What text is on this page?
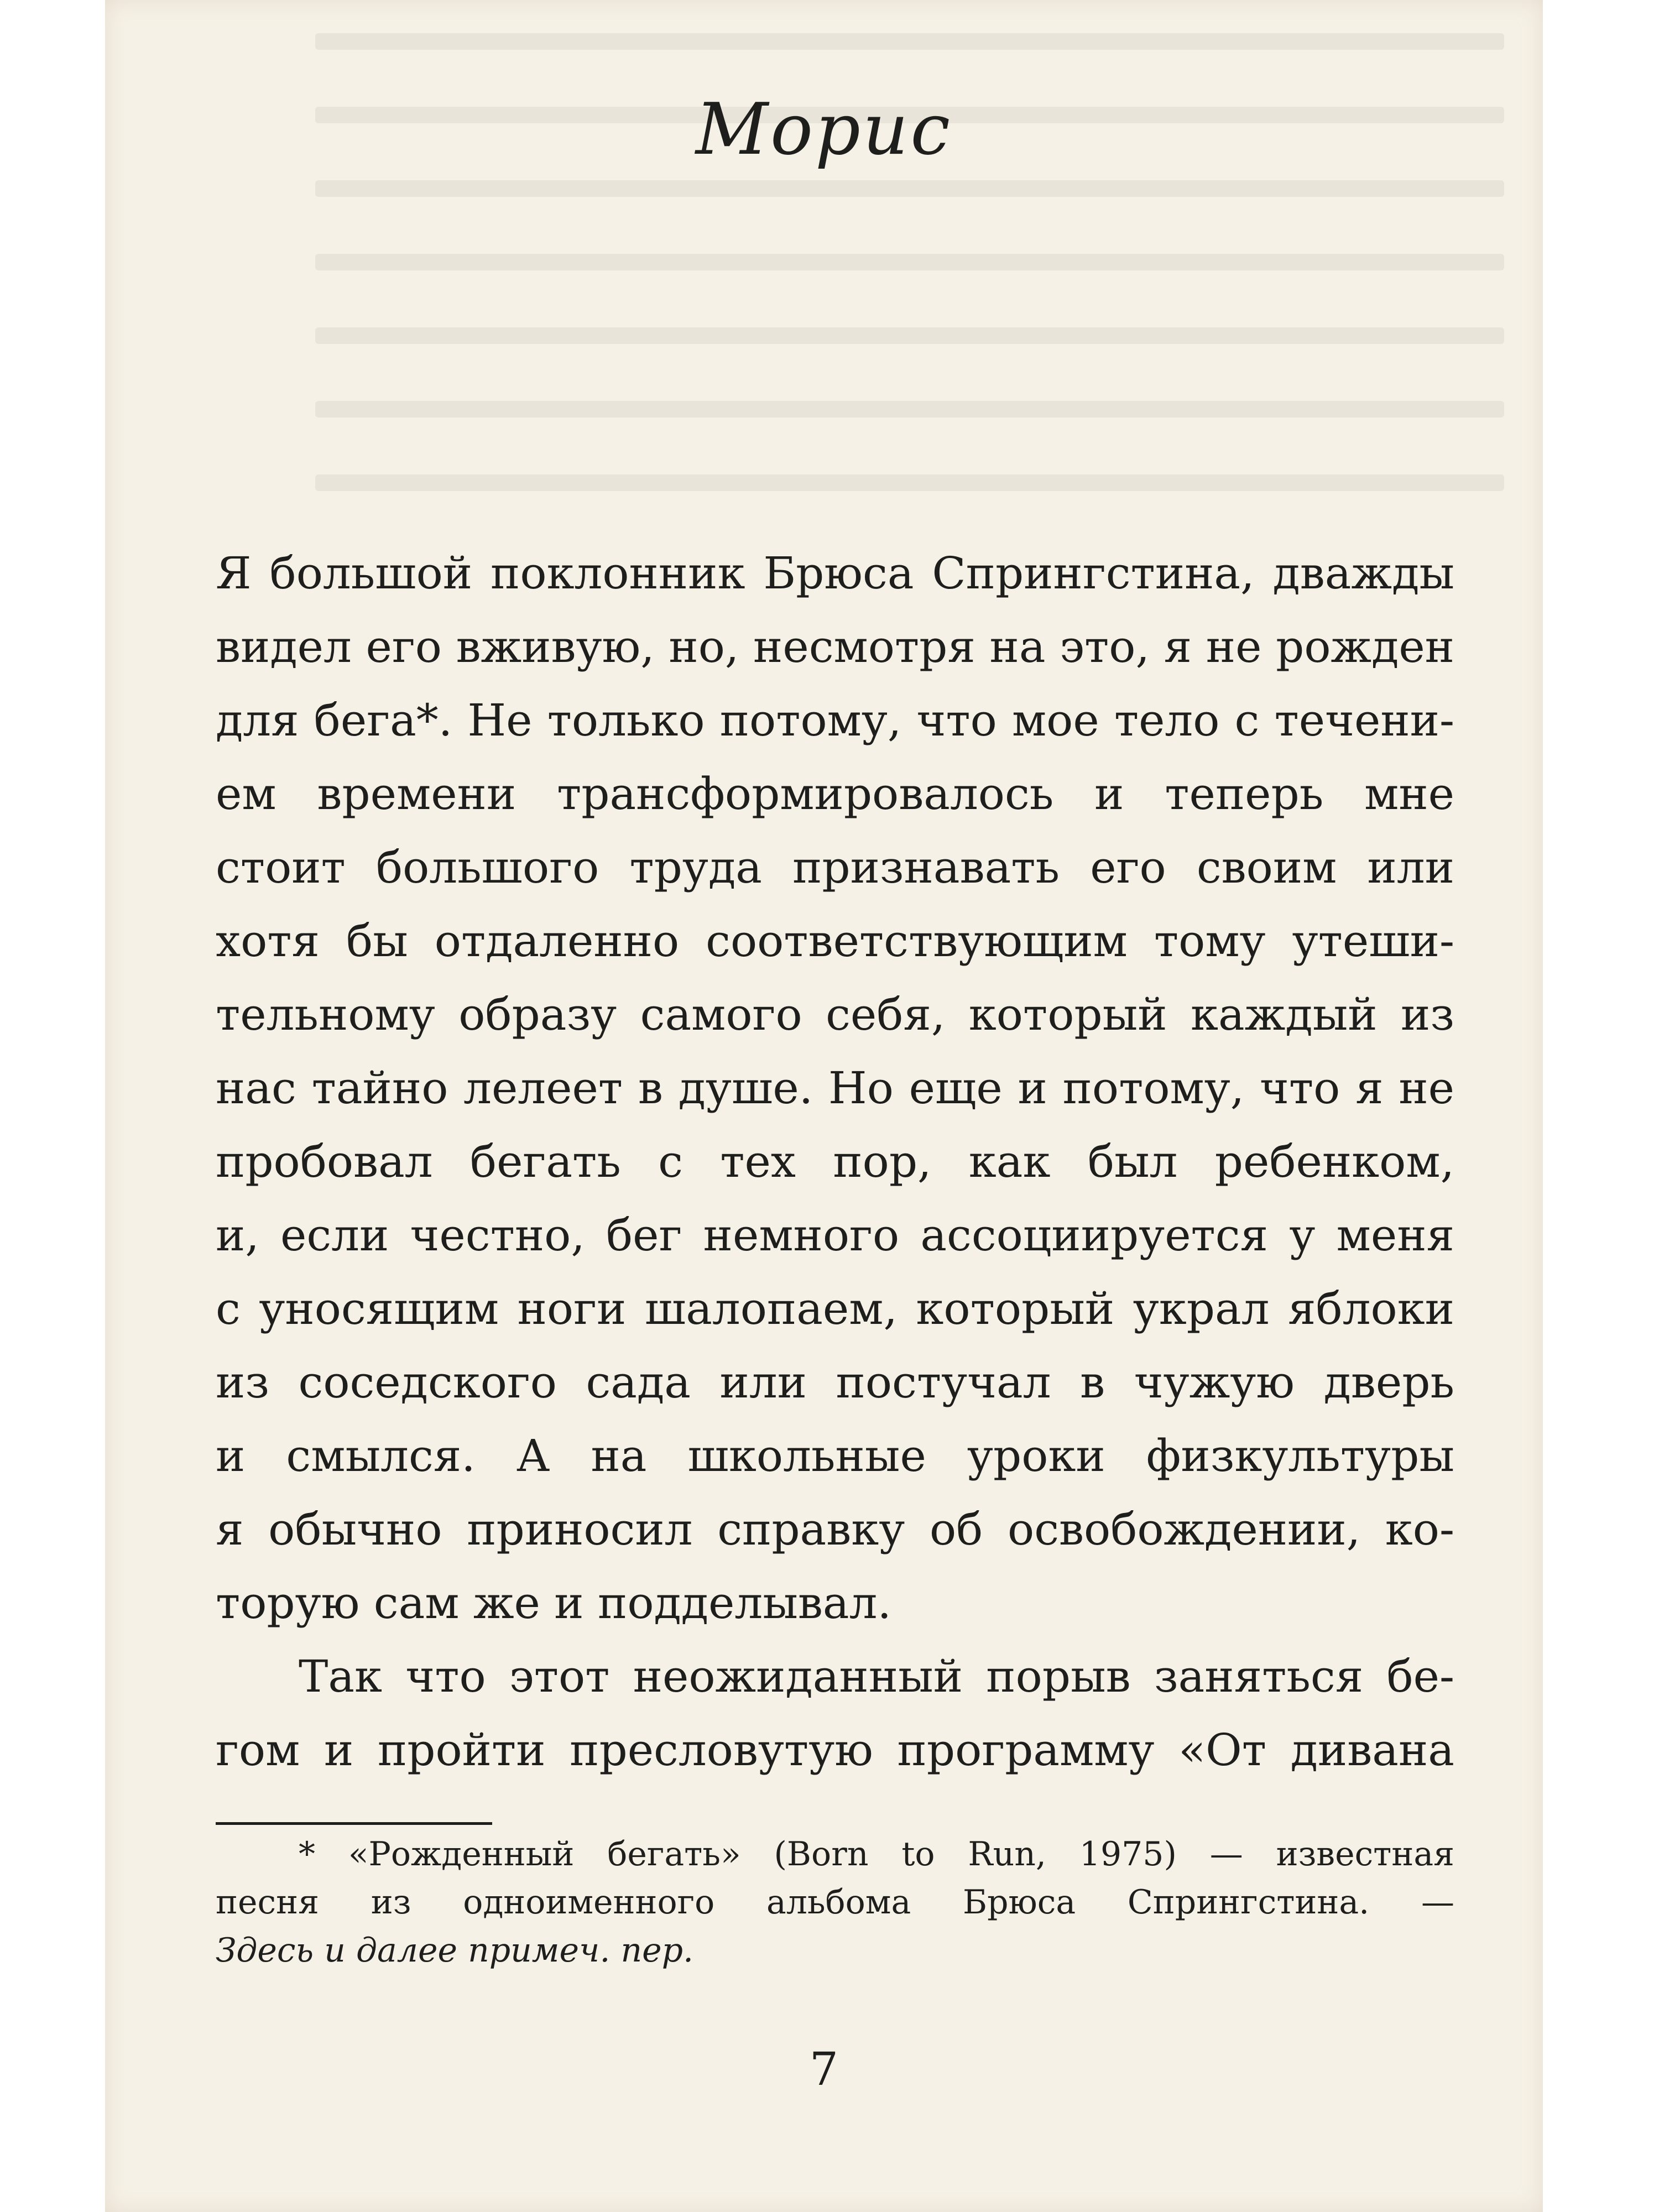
Морис
Я большой поклонник Брюса Спрингстина, дважды
видел его вживую, но, несмотря на это, я не рожден
для бега*. Не только потому, что мое тело с течени-
ем времени трансформировалось и теперь мне
стоит большого труда признавать его своим или
хотя бы отдаленно соответствующим тому утеши-
тельному образу самого себя, который каждый из
нас тайно лелеет в душе. Но еще и потому, что я не
пробовал бегать с тех пор, как был ребенком,
и, если честно, бег немного ассоциируется у меня
с уносящим ноги шалопаем, который украл яблоки
из соседского сада или постучал в чужую дверь
и смылся. А на школьные уроки физкультуры
я обычно приносил справку об освобождении, ко-
торую сам же и подделывал.
Так что этот неожиданный порыв заняться бе-
гом и пройти пресловутую программу «От дивана
* «Рожденный бегать» (Born to Run, 1975) — известная
песня из одноименного альбома Брюса Спрингстина. —
Здесь и далее примеч. пер.
7
